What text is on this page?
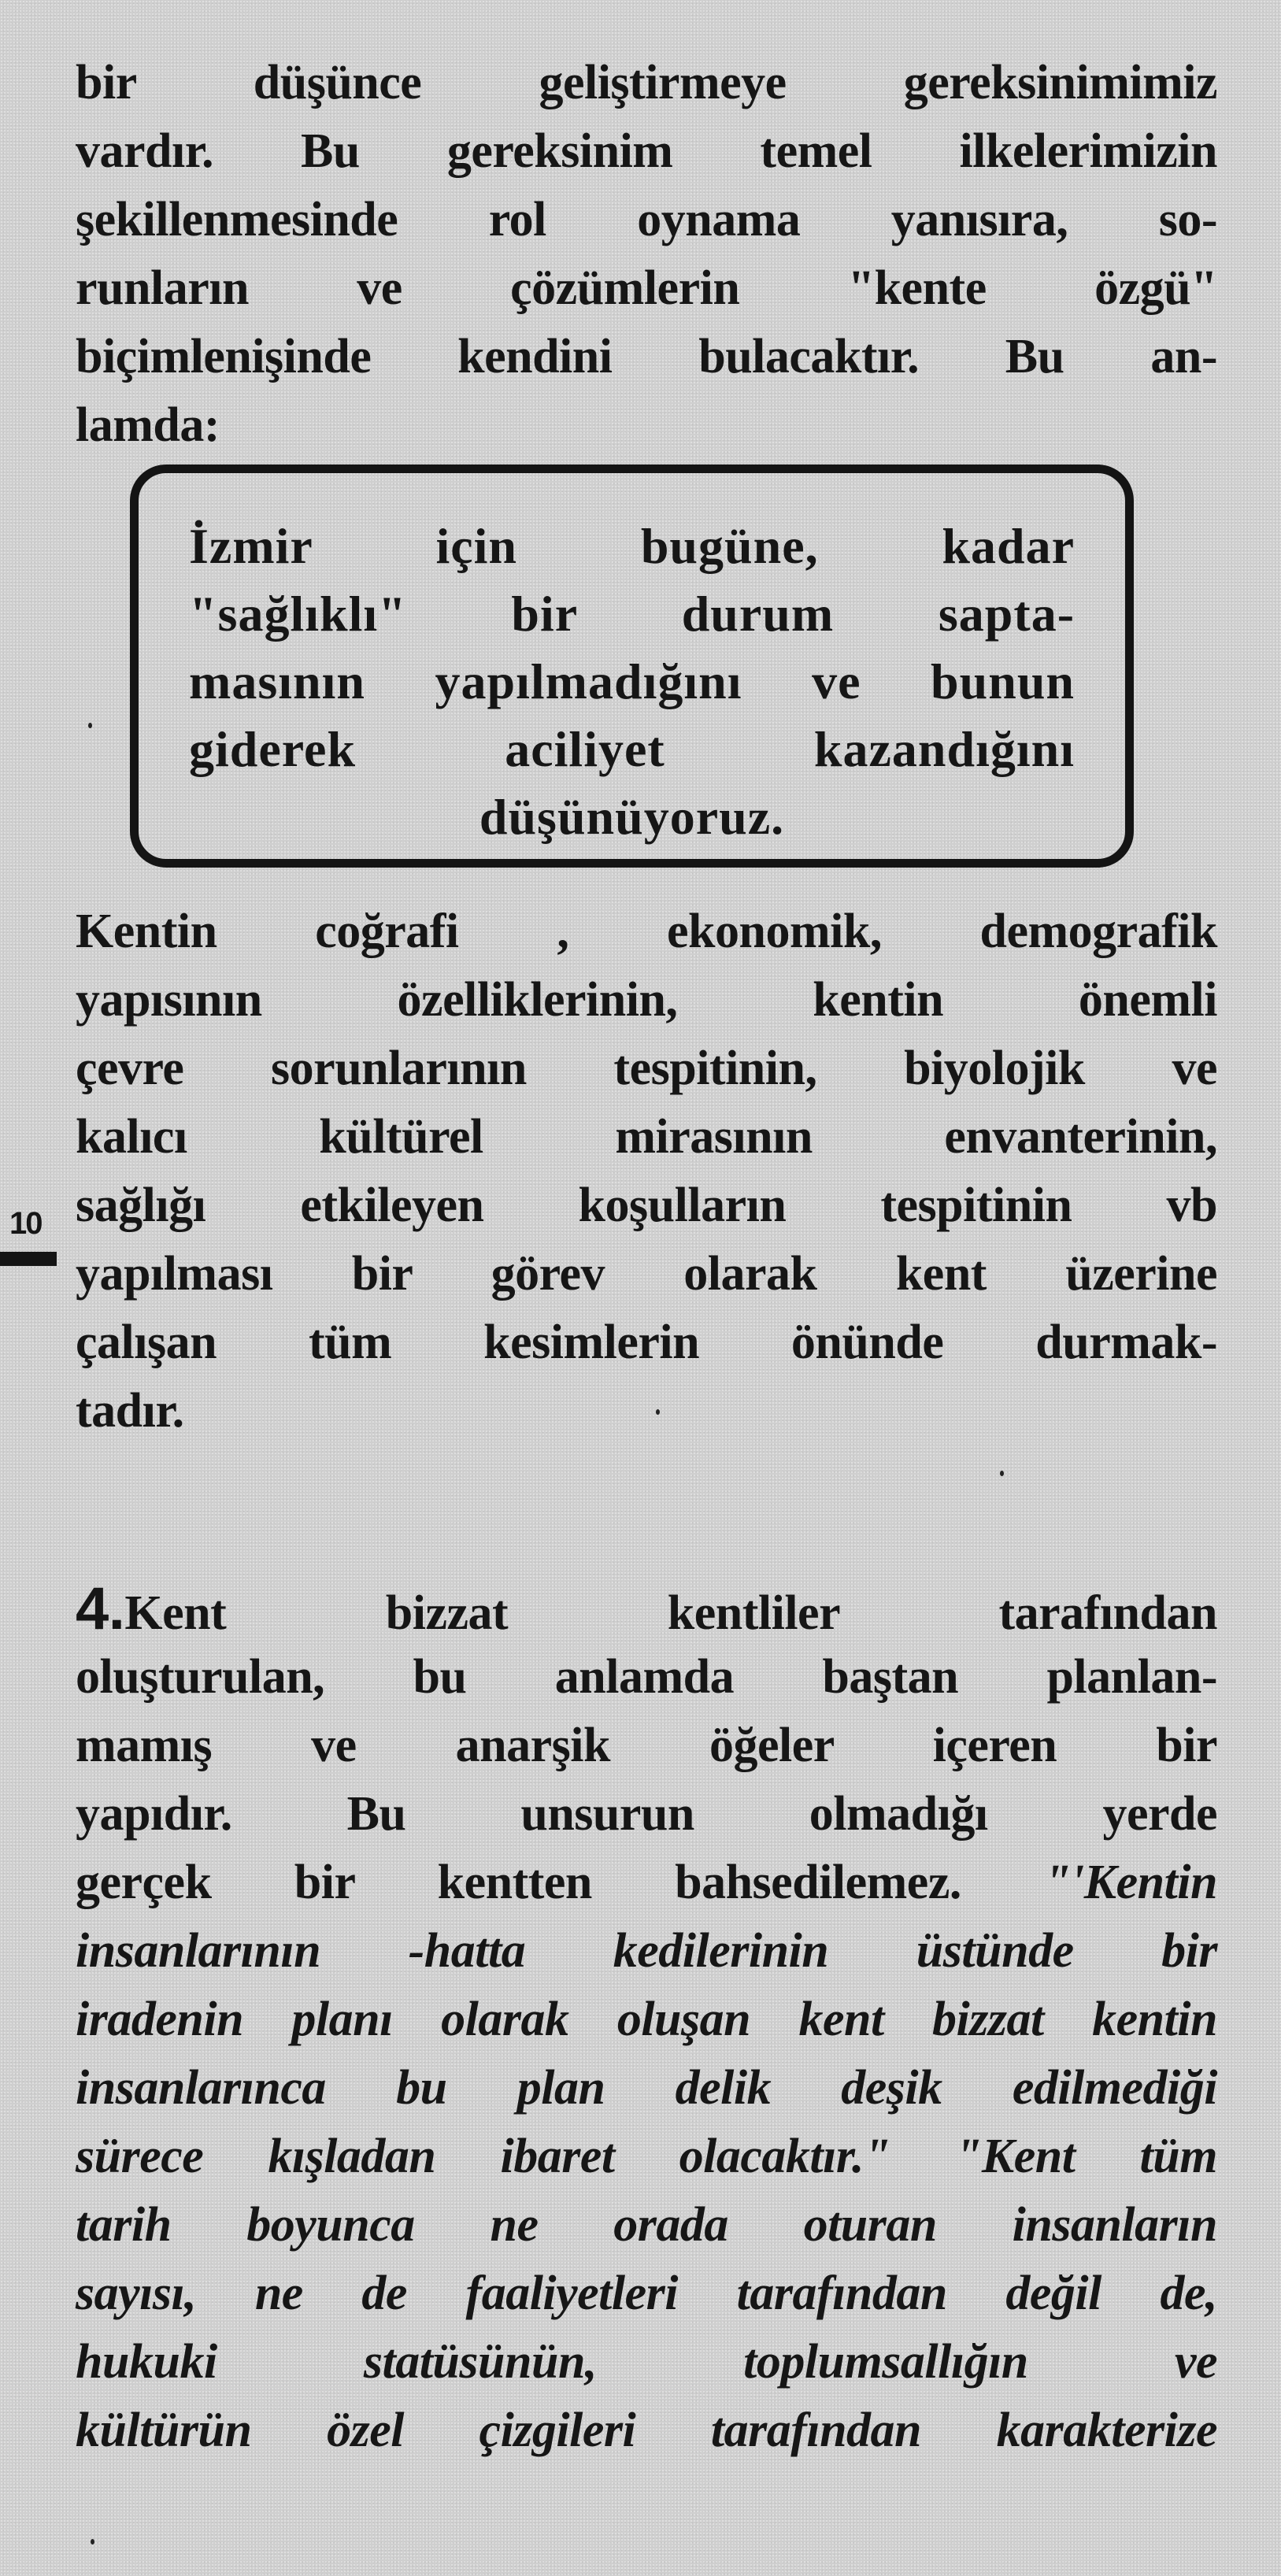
bir düşünce geliştirmeye gereksinimimiz
vardır. Bu gereksinim temel ilkelerimizin
şekillenmesinde rol oynama yanısıra, so-
runların ve çözümlerin "kente özgü"
biçimlenişinde kendini bulacaktır. Bu an-
lamda:

İzmir için bugüne, kadar
"sağlıklı" bir durum sapta-
masının yapılmadığını ve bunun
giderek aciliyet kazandığını
düşünüyoruz.

Kentin coğrafi , ekonomik, demografik
yapısının özelliklerinin, kentin önemli
çevre sorunlarının tespitinin, biyolojik ve
kalıcı kültürel mirasının envanterinin,
sağlığı etkileyen koşulların tespitinin vb
yapılması bir görev olarak kent üzerine
çalışan tüm kesimlerin önünde durmak-
tadır.

10

4.Kent bizzat kentliler tarafından
oluşturulan, bu anlamda baştan planlan-
mamış ve anarşik öğeler içeren bir
yapıdır. Bu unsurun olmadığı yerde
gerçek bir kentten bahsedilemez. "'Kentin
insanlarının -hatta kedilerinin üstünde bir
iradenin planı olarak oluşan kent bizzat kentin
insanlarınca bu plan delik deşik edilmediği
sürece kışladan ibaret olacaktır." "Kent tüm
tarih boyunca ne orada oturan insanların
sayısı, ne de faaliyetleri tarafından değil de,
hukuki statüsünün, toplumsallığın ve
kültürün özel çizgileri tarafından karakterize
